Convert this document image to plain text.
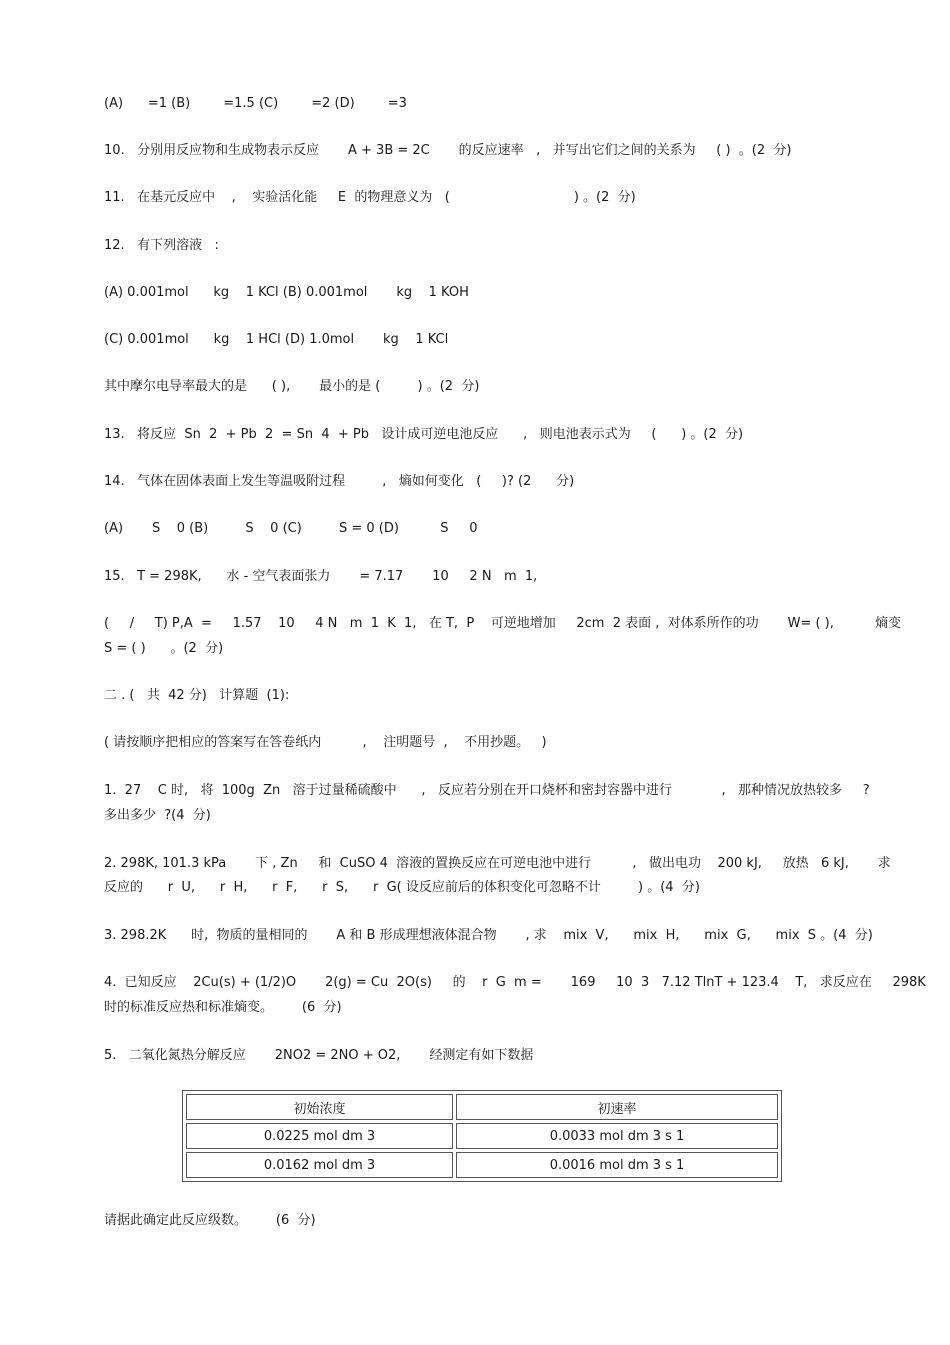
(A)      =1 (B)        =1.5 (C)        =2 (D)        =3
10.   分别用反应物和生成物表示反应       A + 3B = 2C       的反应速率   ,   并写出它们之间的关系为     ( )  。(2  分)
11.   在基元反应中    ,    实验活化能     E  的物理意义为   (                              ) 。(2  分)
12.   有下列溶液   :
(A) 0.001mol      kg    1 KCl (B) 0.001mol       kg    1 KOH
(C) 0.001mol      kg    1 HCl (D) 1.0mol       kg    1 KCl
其中摩尔电导率最大的是      ( ),       最小的是 (         ) 。(2  分)
13.   将反应  Sn  2  + Pb  2  = Sn  4  + Pb   设计成可逆电池反应      ,   则电池表示式为     (      ) 。(2  分)
14.   气体在固体表面上发生等温吸附过程         ,   熵如何变化   (     )? (2      分)
(A)       S    0 (B)         S    0 (C)         S = 0 (D)          S     0
15.   T = 298K,      水 - 空气表面张力       = 7.17       10     2 N   m  1,
(     /     T) P,A  =     1.57    10     4 N   m  1  K  1,   在 T,  P    可逆地增加     2cm  2 表面 ,  对体系所作的功       W= ( ),          熵变
S = ( )      。(2  分)
二 . (   共  42 分)   计算题  (1):
( 请按顺序把相应的答案写在答卷纸内          ,    注明题号  ,    不用抄题。   )
1.  27    C 时,   将  100g  Zn   溶于过量稀硫酸中      ,   反应若分别在开口烧杯和密封容器中进行            ,   那种情况放热较多     ?
多出多少  ?(4  分)
2. 298K, 101.3 kPa       下 , Zn     和  CuSO 4  溶液的置换反应在可逆电池中进行          ,   做出电功    200 kJ,     放热   6 kJ,       求
反应的      r  U,      r  H,      r  F,      r  S,      r  G( 设反应前后的体积变化可忽略不计         ) 。(4  分)
3. 298.2K      时,  物质的量相同的       A 和 B 形成理想液体混合物       , 求    mix  V,      mix  H,      mix  G,      mix  S 。(4  分)
4.  已知反应    2Cu(s) + (1/2)O       2(g) = Cu  2O(s)     的    r  G  m =       169     10  3   7.12 TlnT + 123.4    T,   求反应在     298K
时的标准反应热和标准熵变。       (6  分)
5.   二氧化氮热分解反应       2NO2 = 2NO + O2,       经测定有如下数据
初始浓度	初速率
0.0225 mol dm 3	0.0033 mol dm 3 s 1
0.0162 mol dm 3	0.0016 mol dm 3 s 1
请据此确定此反应级数。       (6  分)
